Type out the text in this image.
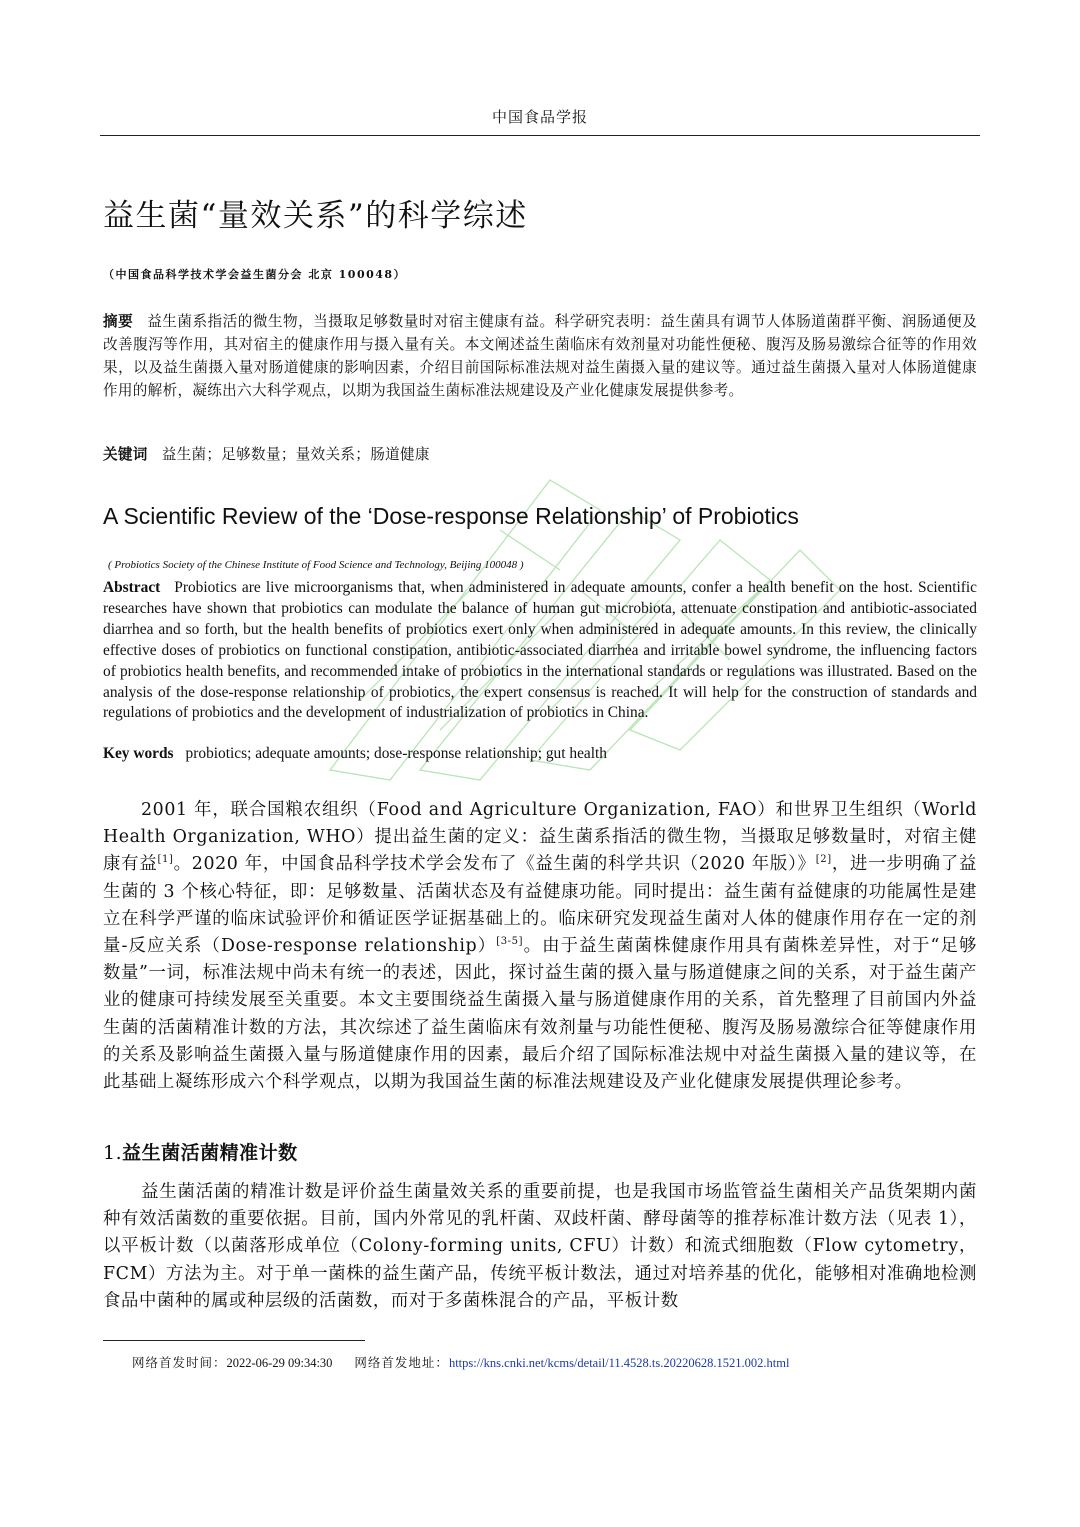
中国食品学报
益生菌“量效关系”的科学综述
（中国食品科学技术学会益生菌分会 北京 100048）
摘要 益生菌系指活的微生物，当摄取足够数量时对宿主健康有益。科学研究表明：益生菌具有调节人体肠道菌群平衡、润肠通便及改善腹泻等作用，其对宿主的健康作用与摄入量有关。本文阐述益生菌临床有效剂量对功能性便秘、腹泻及肠易激综合征等的作用效果，以及益生菌摄入量对肠道健康的影响因素，介绍目前国际标准法规对益生菌摄入量的建议等。通过益生菌摄入量对人体肠道健康作用的解析，凝练出六大科学观点，以期为我国益生菌标准法规建设及产业化健康发展提供参考。
关键词 益生菌；足够数量；量效关系；肠道健康
A Scientific Review of the ‘Dose-response Relationship’ of Probiotics
( Probiotics Society of the Chinese Institute of Food Science and Technology, Beijing 100048 )
Abstract Probiotics are live microorganisms that, when administered in adequate amounts, confer a health benefit on the host. Scientific researches have shown that probiotics can modulate the balance of human gut microbiota, attenuate constipation and antibiotic-associated diarrhea and so forth, but the health benefits of probiotics exert only when administered in adequate amounts. In this review, the clinically effective doses of probiotics on functional constipation, antibiotic-associated diarrhea and irritable bowel syndrome, the influencing factors of probiotics health benefits, and recommended intake of probiotics in the international standards or regulations was illustrated. Based on the analysis of the dose-response relationship of probiotics, the expert consensus is reached. It will help for the construction of standards and regulations of probiotics and the development of industrialization of probiotics in China.
Key words probiotics; adequate amounts; dose-response relationship; gut health

2001 年，联合国粮农组织（Food and Agriculture Organization, FAO）和世界卫生组织（World Health Organization, WHO）提出益生菌的定义：益生菌系指活的微生物，当摄取足够数量时，对宿主健康有益[1]。2020 年，中国食品科学技术学会发布了《益生菌的科学共识（2020 年版）》[2]，进一步明确了益生菌的 3 个核心特征，即：足够数量、活菌状态及有益健康功能。同时提出：益生菌有益健康的功能属性是建立在科学严谨的临床试验评价和循证医学证据基础上的。临床研究发现益生菌对人体的健康作用存在一定的剂量-反应关系（Dose-response relationship）[3-5]。由于益生菌菌株健康作用具有菌株差异性，对于“足够数量”一词，标准法规中尚未有统一的表述，因此，探讨益生菌的摄入量与肠道健康之间的关系，对于益生菌产业的健康可持续发展至关重要。本文主要围绕益生菌摄入量与肠道健康作用的关系，首先整理了目前国内外益生菌的活菌精准计数的方法，其次综述了益生菌临床有效剂量与功能性便秘、腹泻及肠易激综合征等健康作用的关系及影响益生菌摄入量与肠道健康作用的因素，最后介绍了国际标准法规中对益生菌摄入量的建议等，在此基础上凝练形成六个科学观点，以期为我国益生菌的标准法规建设及产业化健康发展提供理论参考。

1.益生菌活菌精准计数

益生菌活菌的精准计数是评价益生菌量效关系的重要前提，也是我国市场监管益生菌相关产品货架期内菌种有效活菌数的重要依据。目前，国内外常见的乳杆菌、双歧杆菌、酵母菌等的推荐标准计数方法（见表 1），以平板计数（以菌落形成单位（Colony-forming units, CFU）计数）和流式细胞数（Flow cytometry，FCM）方法为主。对于单一菌株的益生菌产品，传统平板计数法，通过对培养基的优化，能够相对准确地检测食品中菌种的属或种层级的活菌数，而对于多菌株混合的产品，平板计数

网络首发时间：2022-06-29 09:34:30 网络首发地址：https://kns.cnki.net/kcms/detail/11.4528.ts.20220628.1521.002.html
